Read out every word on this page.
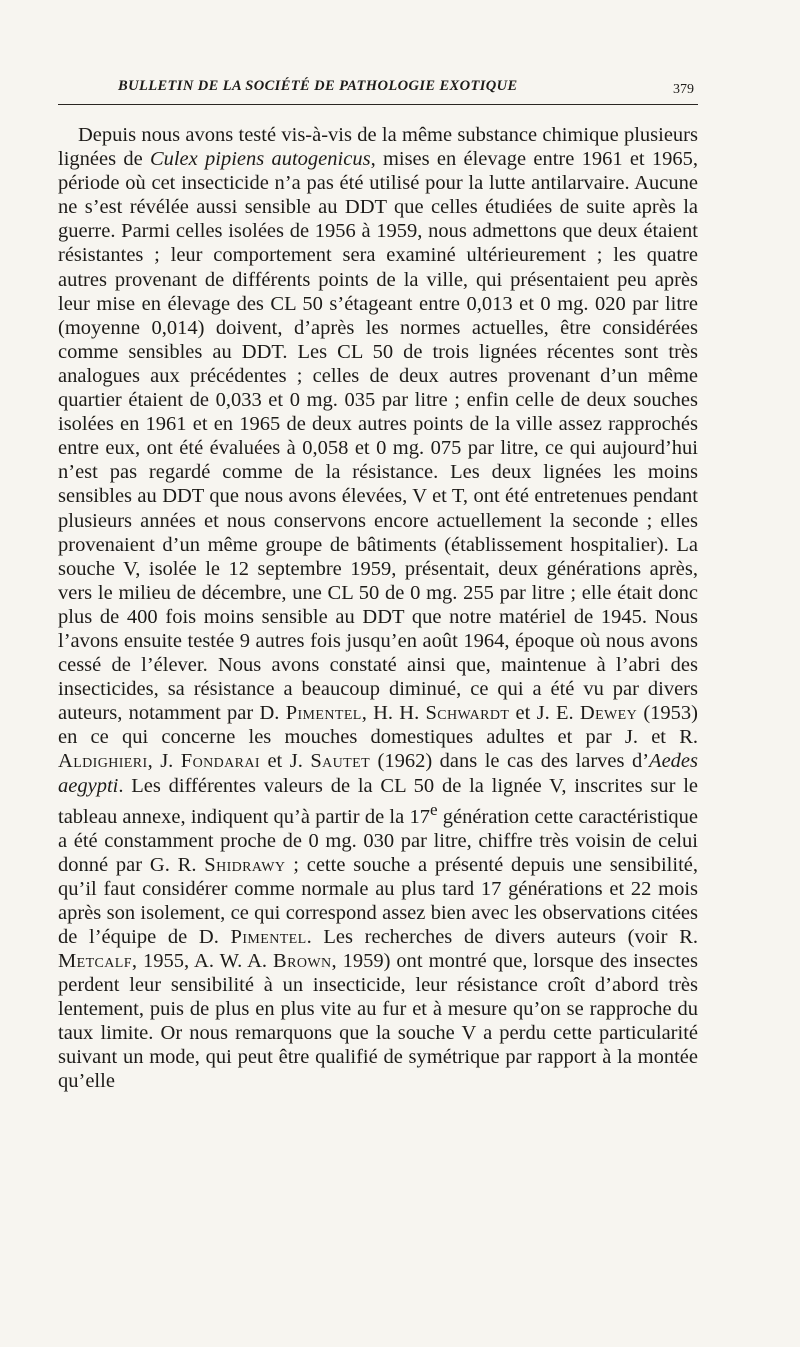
BULLETIN DE LA SOCIÉTÉ DE PATHOLOGIE EXOTIQUE	379

Depuis nous avons testé vis-à-vis de la même substance chimique plusieurs lignées de Culex pipiens autogenicus, mises en élevage entre 1961 et 1965, période où cet insecticide n’a pas été utilisé pour la lutte antilarvaire. Aucune ne s’est révélée aussi sensible au DDT que celles étudiées de suite après la guerre. Parmi celles isolées de 1956 à 1959, nous admettons que deux étaient résistantes ; leur comportement sera examiné ultérieurement ; les quatre autres provenant de différents points de la ville, qui présentaient peu après leur mise en élevage des CL 50 s’étageant entre 0,013 et 0 mg. 020 par litre (moyenne 0,014) doivent, d’après les normes actuelles, être considérées comme sensibles au DDT. Les CL 50 de trois lignées récentes sont très analogues aux précédentes ; celles de deux autres provenant d’un même quartier étaient de 0,033 et 0 mg. 035 par litre ; enfin celle de deux souches isolées en 1961 et en 1965 de deux autres points de la ville assez rapprochés entre eux, ont été évaluées à 0,058 et 0 mg. 075 par litre, ce qui aujourd’hui n’est pas regardé comme de la résistance. Les deux lignées les moins sensibles au DDT que nous avons élevées, V et T, ont été entretenues pendant plusieurs années et nous conservons encore actuellement la seconde ; elles provenaient d’un même groupe de bâtiments (établissement hospitalier). La souche V, isolée le 12 septembre 1959, présentait, deux générations après, vers le milieu de décembre, une CL 50 de 0 mg. 255 par litre ; elle était donc plus de 400 fois moins sensible au DDT que notre matériel de 1945. Nous l’avons ensuite testée 9 autres fois jusqu’en août 1964, époque où nous avons cessé de l’élever. Nous avons constaté ainsi que, maintenue à l’abri des insecticides, sa résistance a beaucoup diminué, ce qui a été vu par divers auteurs, notamment par D. Pimentel, H. H. Schwardt et J. E. Dewey (1953) en ce qui concerne les mouches domestiques adultes et par J. et R. Aldighieri, J. Fondarai et J. Sautet (1962) dans le cas des larves d’Aedes aegypti. Les différentes valeurs de la CL 50 de la lignée V, inscrites sur le tableau annexe, indiquent qu’à partir de la 17e génération cette caractéristique a été constamment proche de 0 mg. 030 par litre, chiffre très voisin de celui donné par G. R. Shidrawy ; cette souche a présenté depuis une sensibilité, qu’il faut considérer comme normale au plus tard 17 générations et 22 mois après son isolement, ce qui correspond assez bien avec les observations citées de l’équipe de D. Pimentel. Les recherches de divers auteurs (voir R. Metcalf, 1955, A. W. A. Brown, 1959) ont montré que, lorsque des insectes perdent leur sensibilité à un insecticide, leur résistance croît d’abord très lentement, puis de plus en plus vite au fur et à mesure qu’on se rapproche du taux limite. Or nous remarquons que la souche V a perdu cette particularité suivant un mode, qui peut être qualifié de symétrique par rapport à la montée qu’elle
